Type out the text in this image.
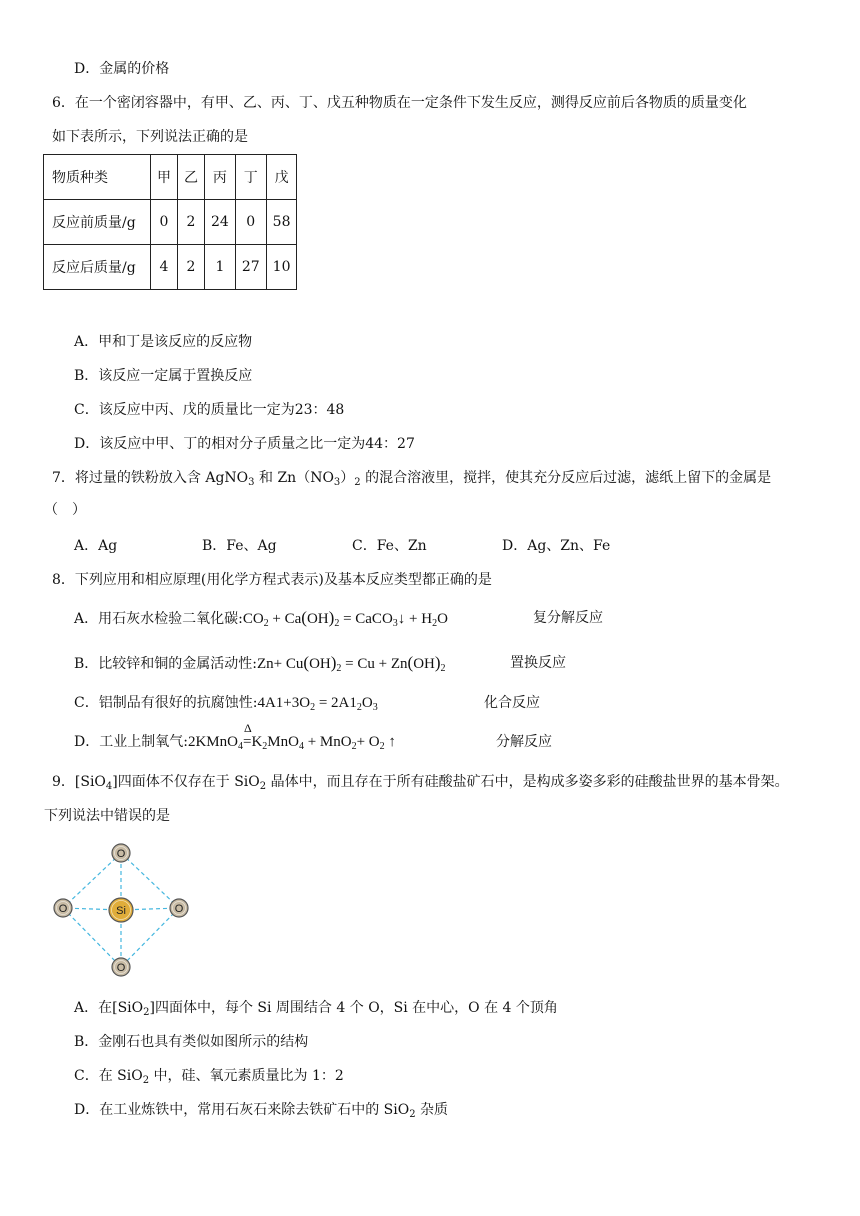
D．金属的价格
6．在一个密闭容器中，有甲、乙、丙、丁、戊五种物质在一定条件下发生反应，测得反应前后各物质的质量变化
如下表所示，下列说法正确的是
物质种类	甲	乙	丙	丁	戊
反应前质量/g	0	2	24	0	58
反应后质量/g	4	2	1	27	10
A．甲和丁是该反应的反应物
B．该反应一定属于置换反应
C．该反应中丙、戊的质量比一定为23：48
D．该反应中甲、丁的相对分子质量之比一定为44：27
7．将过量的铁粉放入含 AgNO$_3$ 和 $Zn(NO_3)_2$ 的混合溶液里，搅拌，使其充分反应后过滤，滤纸上留下的金属是
（　）
A．Ag	B．Fe、Ag	C．Fe、Zn	D．Ag、Zn、Fe
8．下列应用和相应原理(用化学方程式表示)及基本反应类型都正确的是
A．用石灰水检验二氧化碳$:CO_2 + Ca(OH)_2$ = CaCO$_3$↓ + $H_2O$	复分解反应
B．比较锌和铜的金属活动性:Zn+ $Cu(OH)_2 = Cu + Zn(OH)_2$	置换反应
C．铝制品有很好的抗腐蚀性$:4A1+3O_2 = 2A1_2O_3$	化合反应
D．工业上制氧气:2KMnO$_4$
Δ
$=K_2MnO_4 + MnO_2+ O_2$ ↑	分解反应
9．[SiO$_4$]四面体不仅存在于 SiO$_2$ 晶体中，而且存在于所有硅酸盐矿石中，是构成多姿多彩的硅酸盐世界的基本骨架。
下列说法中错误的是
O
O	O
O
Si
A．在[SiO$_2$]四面体中，每个 Si 周围结合 4 个 O，Si 在中心，O 在 4 个顶角
B．金刚石也具有类似如图所示的结构
C．在 SiO$_2$ 中，硅、氧元素质量比为 1：2
D．在工业炼铁中，常用石灰石来除去铁矿石中的 SiO$_2$ 杂质
